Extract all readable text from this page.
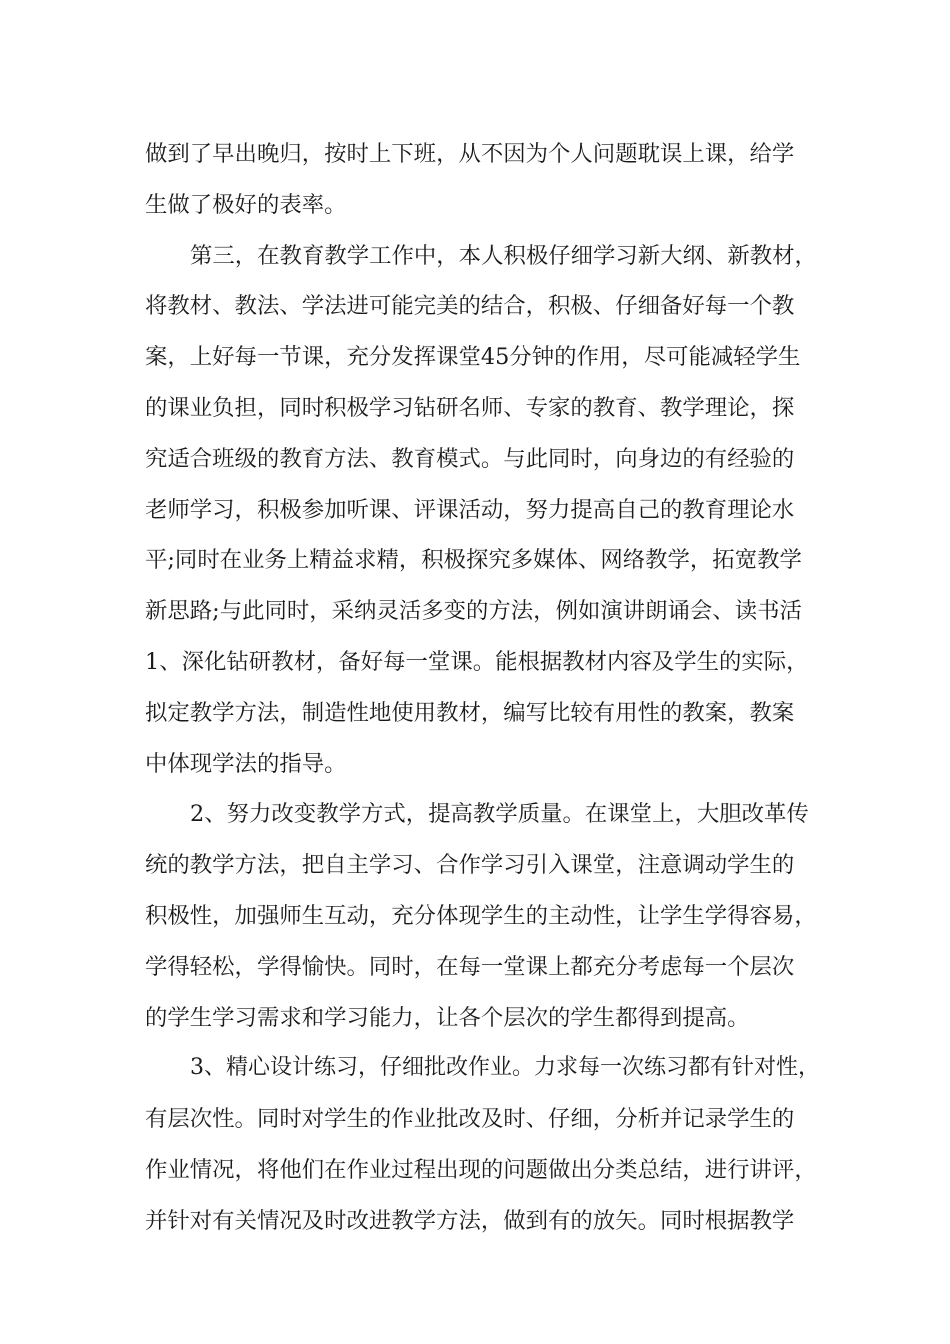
做到了早出晚归，按时上下班，从不因为个人问题耽误上课，给学
生做了极好的表率。
第三，在教育教学工作中，本人积极仔细学习新大纲、新教材，
将教材、教法、学法进可能完美的结合，积极、仔细备好每一个教
案，上好每一节课，充分发挥课堂45分钟的作用，尽可能减轻学生
的课业负担，同时积极学习钻研名师、专家的教育、教学理论，探
究适合班级的教育方法、教育模式。与此同时，向身边的有经验的
老师学习，积极参加听课、评课活动，努力提高自己的教育理论水
平;同时在业务上精益求精，积极探究多媒体、网络教学，拓宽教学
新思路;与此同时，采纳灵活多变的方法，例如演讲朗诵会、读书活
1、深化钻研教材，备好每一堂课。能根据教材内容及学生的实际，
拟定教学方法，制造性地使用教材，编写比较有用性的教案，教案
中体现学法的指导。
2、努力改变教学方式，提高教学质量。在课堂上，大胆改革传
统的教学方法，把自主学习、合作学习引入课堂，注意调动学生的
积极性，加强师生互动，充分体现学生的主动性，让学生学得容易，
学得轻松，学得愉快。同时，在每一堂课上都充分考虑每一个层次
的学生学习需求和学习能力，让各个层次的学生都得到提高。
3、精心设计练习，仔细批改作业。力求每一次练习都有针对性，
有层次性。同时对学生的作业批改及时、仔细，分析并记录学生的
作业情况，将他们在作业过程出现的问题做出分类总结，进行讲评，
并针对有关情况及时改进教学方法，做到有的放矢。同时根据教学
